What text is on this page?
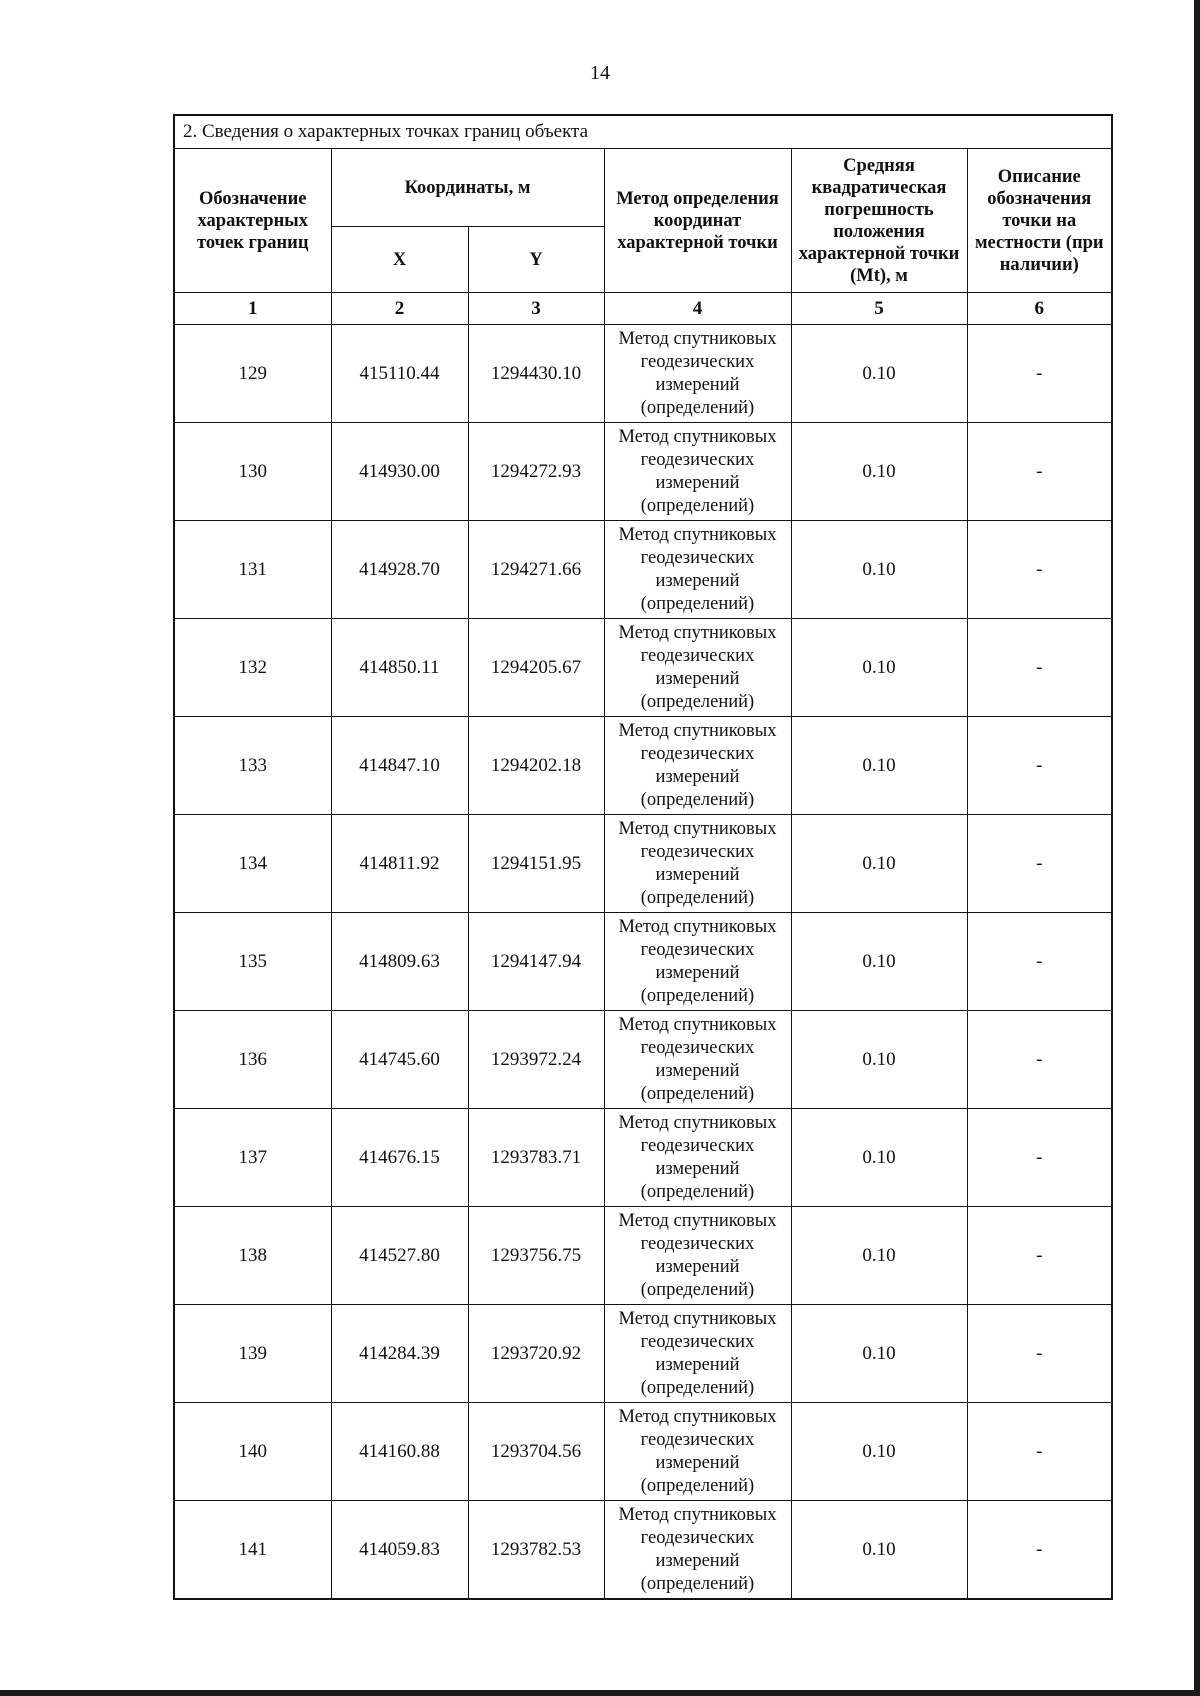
14
2. Сведения о характерных точках границ объекта					
Обозначение характерных точек границ	Координаты, м		Метод определения координат характерной точки	Средняя квадратическая погрешность положения характерной точки (Mt), м	Описание обозначения точки на местности (при наличии)
	X	Y			
1	2	3	4	5	6
129	415110.44	1294430.10	Метод спутниковых геодезических измерений (определений)	0.10	-
130	414930.00	1294272.93	Метод спутниковых геодезических измерений (определений)	0.10	-
131	414928.70	1294271.66	Метод спутниковых геодезических измерений (определений)	0.10	-
132	414850.11	1294205.67	Метод спутниковых геодезических измерений (определений)	0.10	-
133	414847.10	1294202.18	Метод спутниковых геодезических измерений (определений)	0.10	-
134	414811.92	1294151.95	Метод спутниковых геодезических измерений (определений)	0.10	-
135	414809.63	1294147.94	Метод спутниковых геодезических измерений (определений)	0.10	-
136	414745.60	1293972.24	Метод спутниковых геодезических измерений (определений)	0.10	-
137	414676.15	1293783.71	Метод спутниковых геодезических измерений (определений)	0.10	-
138	414527.80	1293756.75	Метод спутниковых геодезических измерений (определений)	0.10	-
139	414284.39	1293720.92	Метод спутниковых геодезических измерений (определений)	0.10	-
140	414160.88	1293704.56	Метод спутниковых геодезических измерений (определений)	0.10	-
141	414059.83	1293782.53	Метод спутниковых геодезических измерений (определений)	0.10	-
